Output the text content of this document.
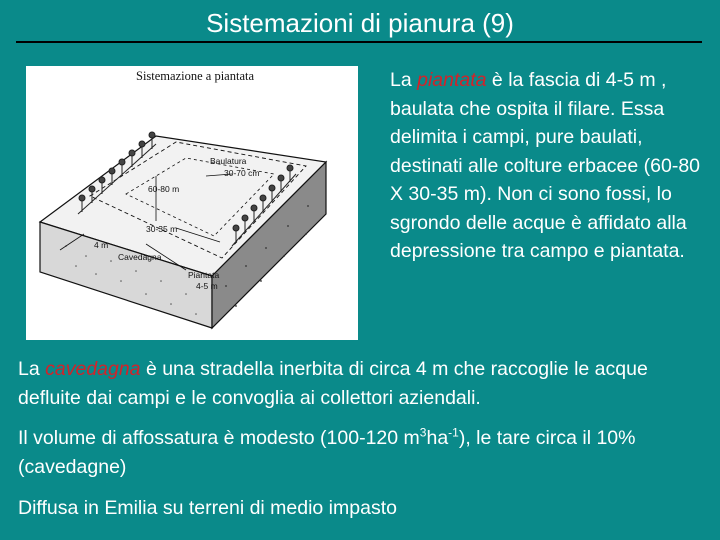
Sistemazioni di pianura (9)
Sistemazione a piantata
Baulatura
30-70 cm
60-80 m
30-35 m
4 m
Cavedagna
Piantata
4-5 m
La piantata è la fascia di 4-5 m , baulata che ospita il filare. Essa delimita i campi, pure baulati, destinati alle colture erbacee (60-80 X 30-35 m). Non ci sono fossi, lo sgrondo delle acque è affidato alla depressione tra campo e piantata.
La cavedagna è una stradella inerbita di circa 4 m che raccoglie le acque defluite dai campi e le convoglia ai collettori aziendali.
Il volume di affossatura è modesto (100-120 $m^3ha^{-1}$), le tare circa il 10% (cavedagne)
Diffusa in Emilia su terreni di medio impasto
